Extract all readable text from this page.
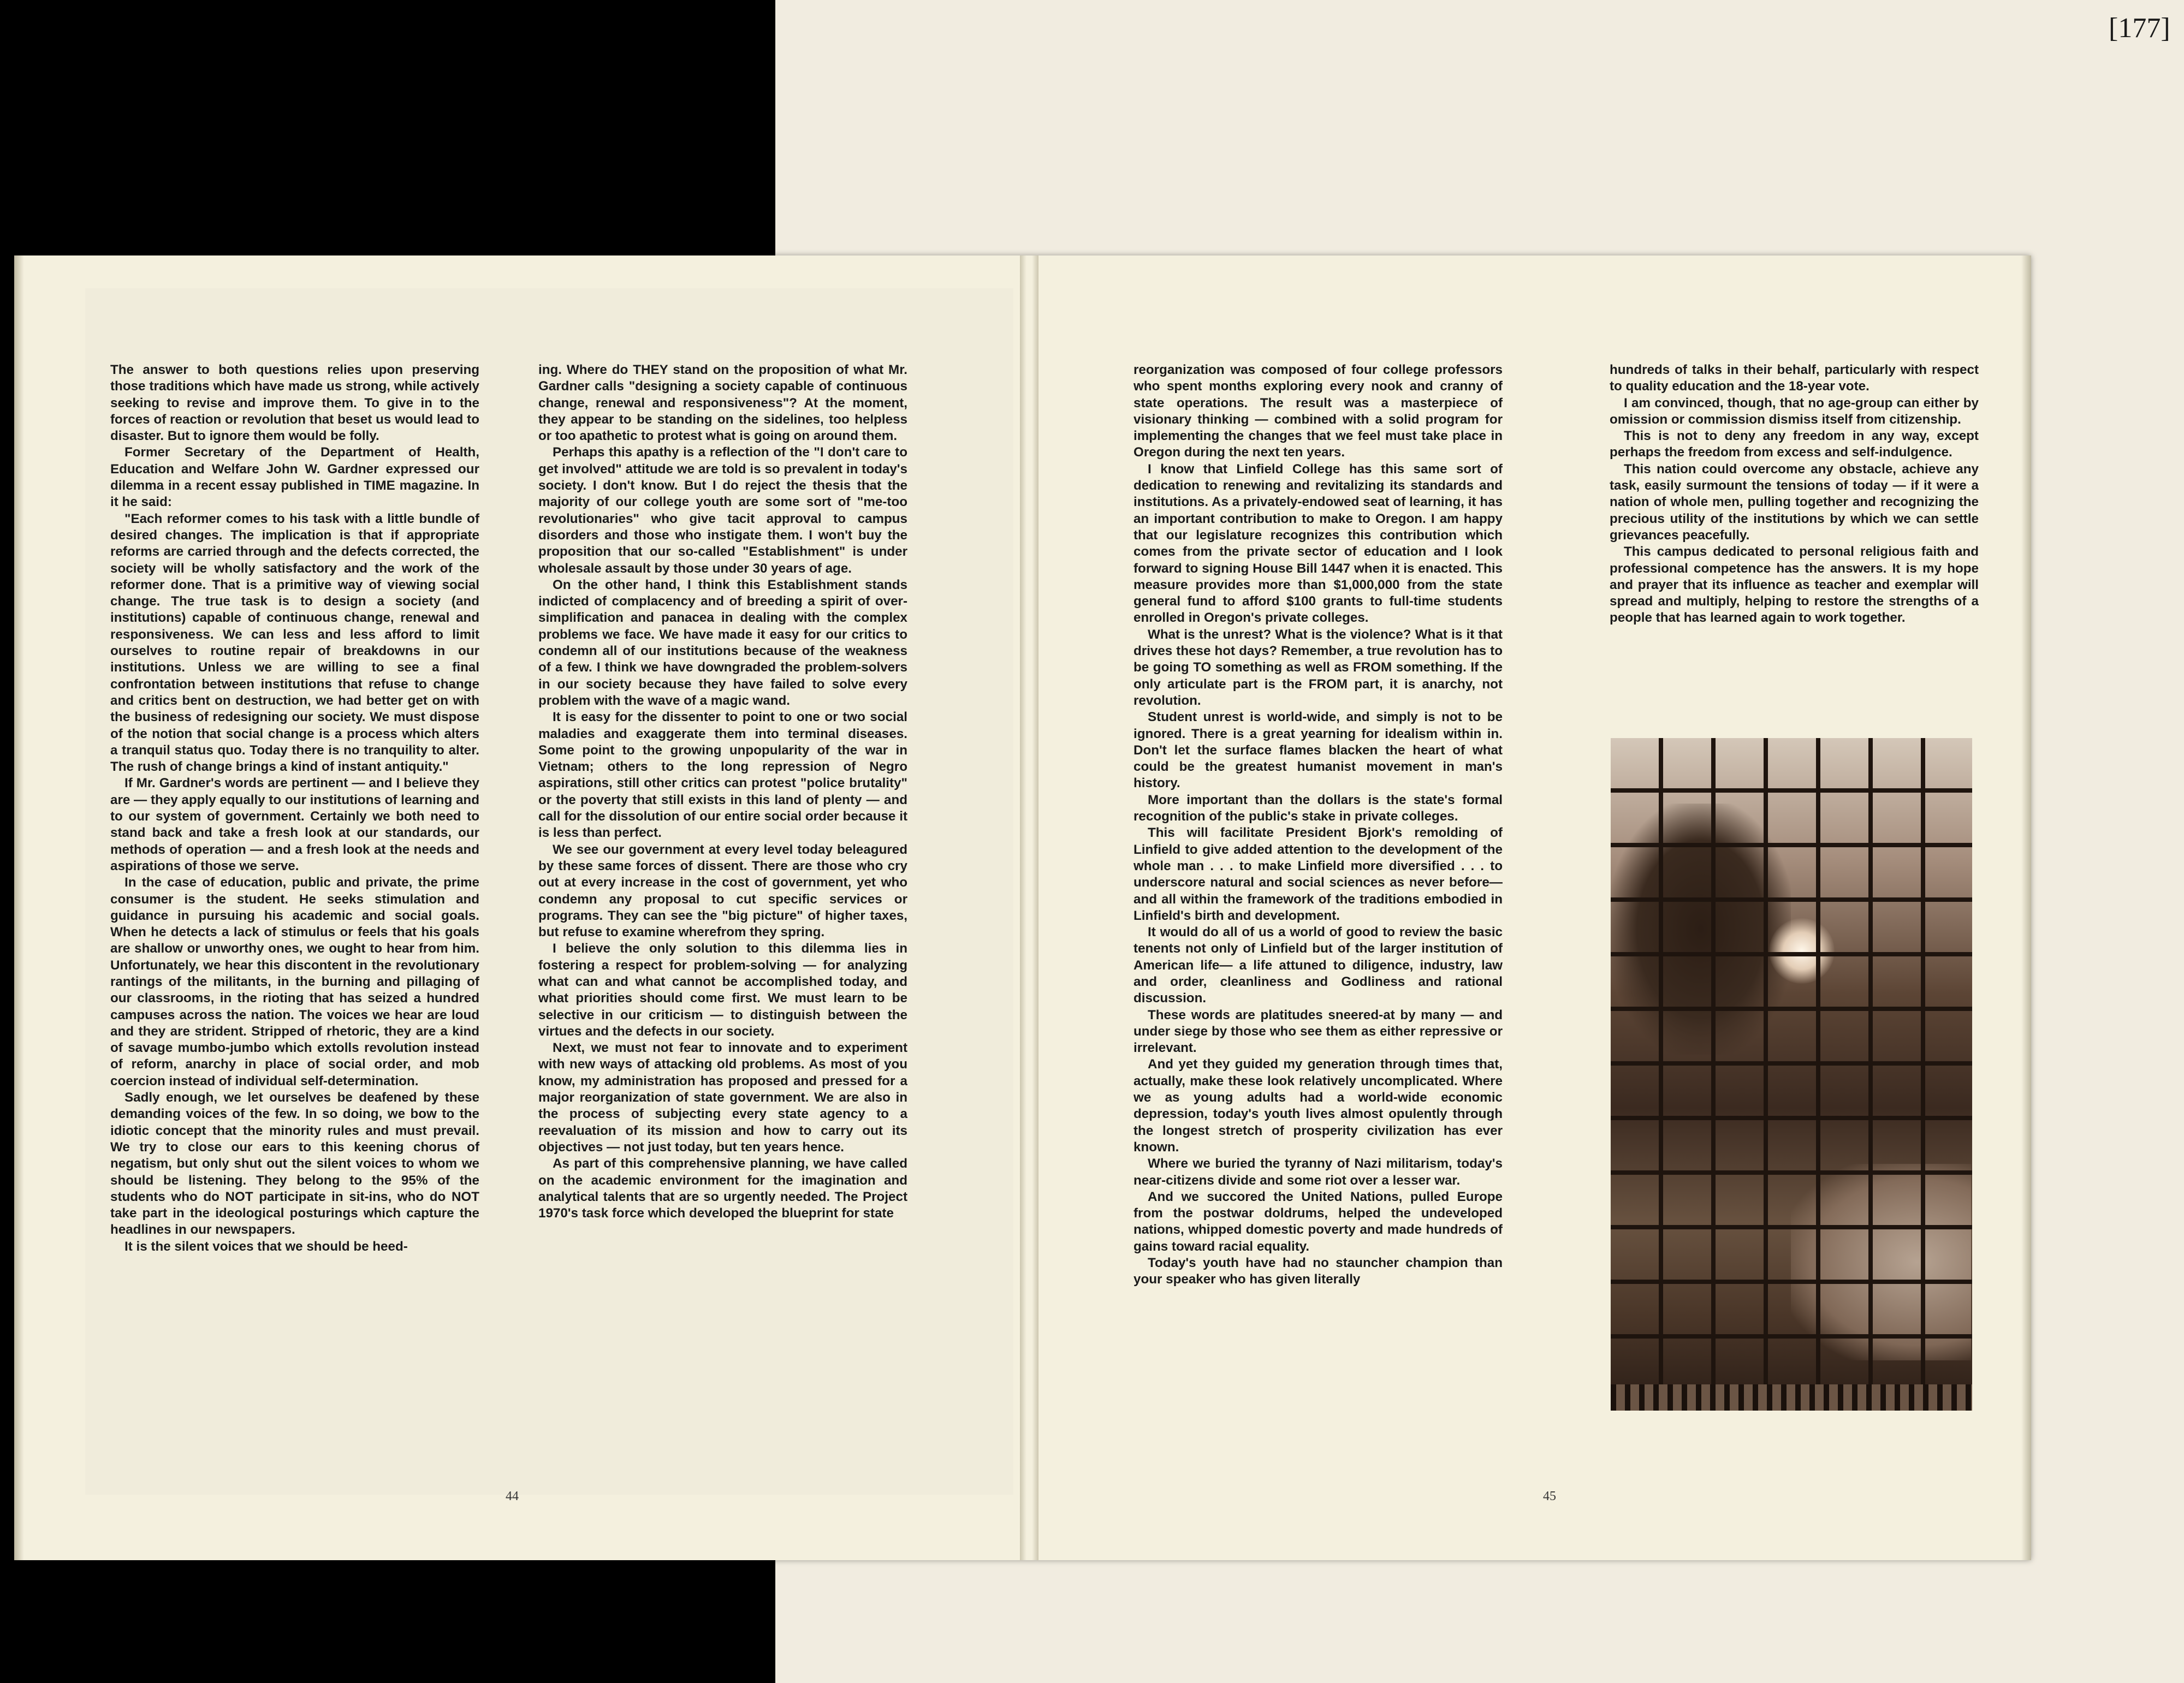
[177]

The answer to both questions relies upon preserving those traditions which have made us strong, while actively seeking to revise and improve them. To give in to the forces of reaction or revolution that beset us would lead to disaster. But to ignore them would be folly.

Former Secretary of the Department of Health, Education and Welfare John W. Gardner expressed our dilemma in a recent essay published in TIME magazine. In it he said:

"Each reformer comes to his task with a little bundle of desired changes. The implication is that if appropriate reforms are carried through and the defects corrected, the society will be wholly satisfactory and the work of the reformer done. That is a primitive way of viewing social change. The true task is to design a society (and institutions) capable of continuous change, renewal and responsiveness. We can less and less afford to limit ourselves to routine repair of breakdowns in our institutions. Unless we are willing to see a final confrontation between institutions that refuse to change and critics bent on destruction, we had better get on with the business of redesigning our society. We must dispose of the notion that social change is a process which alters a tranquil status quo. Today there is no tranquility to alter. The rush of change brings a kind of instant antiquity."

If Mr. Gardner's words are pertinent — and I believe they are — they apply equally to our institutions of learning and to our system of government. Certainly we both need to stand back and take a fresh look at our standards, our methods of operation — and a fresh look at the needs and aspirations of those we serve.

In the case of education, public and private, the prime consumer is the student. He seeks stimulation and guidance in pursuing his academic and social goals. When he detects a lack of stimulus or feels that his goals are shallow or unworthy ones, we ought to hear from him. Unfortunately, we hear this discontent in the revolutionary rantings of the militants, in the burning and pillaging of our classrooms, in the rioting that has seized a hundred campuses across the nation. The voices we hear are loud and they are strident. Stripped of rhetoric, they are a kind of savage mumbo-jumbo which extolls revolution instead of reform, anarchy in place of social order, and mob coercion instead of individual self-determination.

Sadly enough, we let ourselves be deafened by these demanding voices of the few. In so doing, we bow to the idiotic concept that the minority rules and must prevail. We try to close our ears to this keening chorus of negatism, but only shut out the silent voices to whom we should be listening. They belong to the 95% of the students who do NOT participate in sit-ins, who do NOT take part in the ideological posturings which capture the headlines in our newspapers.

It is the silent voices that we should be heed-

ing. Where do THEY stand on the proposition of what Mr. Gardner calls "designing a society capable of continuous change, renewal and responsiveness"? At the moment, they appear to be standing on the sidelines, too helpless or too apathetic to protest what is going on around them.

Perhaps this apathy is a reflection of the "I don't care to get involved" attitude we are told is so prevalent in today's society. I don't know. But I do reject the thesis that the majority of our college youth are some sort of "me-too revolutionaries" who give tacit approval to campus disorders and those who instigate them. I won't buy the proposition that our so-called "Establishment" is under wholesale assault by those under 30 years of age.

On the other hand, I think this Establishment stands indicted of complacency and of breeding a spirit of over-simplification and panacea in dealing with the complex problems we face. We have made it easy for our critics to condemn all of our institutions because of the weakness of a few. I think we have downgraded the problem-solvers in our society because they have failed to solve every problem with the wave of a magic wand.

It is easy for the dissenter to point to one or two social maladies and exaggerate them into terminal diseases. Some point to the growing unpopularity of the war in Vietnam; others to the long repression of Negro aspirations, still other critics can protest "police brutality" or the poverty that still exists in this land of plenty — and call for the dissolution of our entire social order because it is less than perfect.

We see our government at every level today beleagured by these same forces of dissent. There are those who cry out at every increase in the cost of government, yet who condemn any proposal to cut specific services or programs. They can see the "big picture" of higher taxes, but refuse to examine wherefrom they spring.

I believe the only solution to this dilemma lies in fostering a respect for problem-solving — for analyzing what can and what cannot be accomplished today, and what priorities should come first. We must learn to be selective in our criticism — to distinguish between the virtues and the defects in our society.

Next, we must not fear to innovate and to experiment with new ways of attacking old problems. As most of you know, my administration has proposed and pressed for a major reorganization of state government. We are also in the process of subjecting every state agency to a reevaluation of its mission and how to carry out its objectives — not just today, but ten years hence.

As part of this comprehensive planning, we have called on the academic environment for the imagination and analytical talents that are so urgently needed. The Project 1970's task force which developed the blueprint for state

44

reorganization was composed of four college professors who spent months exploring every nook and cranny of state operations. The result was a masterpiece of visionary thinking — combined with a solid program for implementing the changes that we feel must take place in Oregon during the next ten years.

I know that Linfield College has this same sort of dedication to renewing and revitalizing its standards and institutions. As a privately-endowed seat of learning, it has an important contribution to make to Oregon. I am happy that our legislature recognizes this contribution which comes from the private sector of education and I look forward to signing House Bill 1447 when it is enacted. This measure provides more than $1,000,000 from the state general fund to afford $100 grants to full-time students enrolled in Oregon's private colleges.

What is the unrest? What is the violence? What is it that drives these hot days? Remember, a true revolution has to be going TO something as well as FROM something. If the only articulate part is the FROM part, it is anarchy, not revolution.

Student unrest is world-wide, and simply is not to be ignored. There is a great yearning for idealism within in. Don't let the surface flames blacken the heart of what could be the greatest humanist movement in man's history.

More important than the dollars is the state's formal recognition of the public's stake in private colleges.

This will facilitate President Bjork's remolding of Linfield to give added attention to the development of the whole man . . . to make Linfield more diversified . . . to underscore natural and social sciences as never before— and all within the framework of the traditions embodied in Linfield's birth and development.

It would do all of us a world of good to review the basic tenents not only of Linfield but of the larger institution of American life— a life attuned to diligence, industry, law and order, cleanliness and Godliness and rational discussion.

These words are platitudes sneered-at by many — and under siege by those who see them as either repressive or irrelevant.

And yet they guided my generation through times that, actually, make these look relatively uncomplicated. Where we as young adults had a world-wide economic depression, today's youth lives almost opulently through the longest stretch of prosperity civilization has ever known.

Where we buried the tyranny of Nazi militarism, today's near-citizens divide and some riot over a lesser war.

And we succored the United Nations, pulled Europe from the postwar doldrums, helped the undeveloped nations, whipped domestic poverty and made hundreds of gains toward racial equality.

Today's youth have had no stauncher champion than your speaker who has given literally

hundreds of talks in their behalf, particularly with respect to quality education and the 18-year vote.

I am convinced, though, that no age-group can either by omission or commission dismiss itself from citizenship.

This is not to deny any freedom in any way, except perhaps the freedom from excess and self-indulgence.

This nation could overcome any obstacle, achieve any task, easily surmount the tensions of today — if it were a nation of whole men, pulling together and recognizing the precious utility of the institutions by which we can settle grievances peacefully.

This campus dedicated to personal religious faith and professional competence has the answers. It is my hope and prayer that its influence as teacher and exemplar will spread and multiply, helping to restore the strengths of a people that has learned again to work together.

45
